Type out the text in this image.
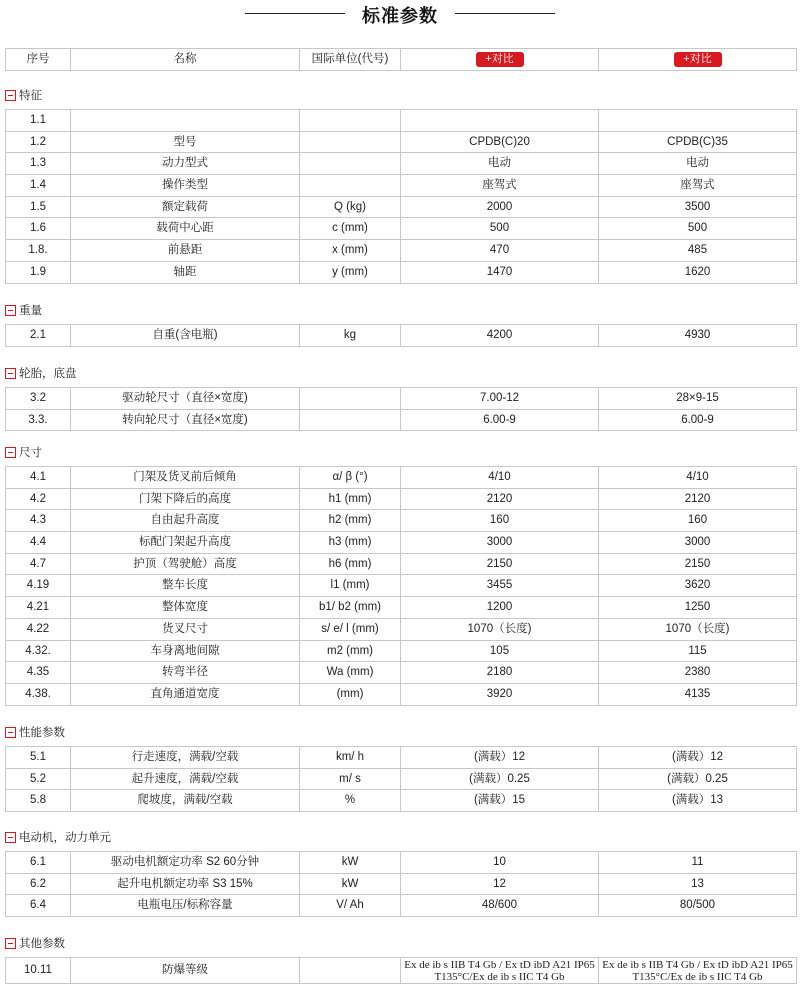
标准参数
序号	名称	国际单位(代号)	+对比	+对比
特征
1.1				
1.2	型号		CPDB(C)20	CPDB(C)35
1.3	动力型式		电动	电动
1.4	操作类型		座驾式	座驾式
1.5	额定载荷	Q (kg)	2000	3500
1.6	载荷中心距	c (mm)	500	500
1.8.	前悬距	x (mm)	470	485
1.9	轴距	y (mm)	1470	1620
重量
2.1	自重(含电瓶)	kg	4200	4930
轮胎，底盘
3.2	驱动轮尺寸（直径×宽度)		7.00-12	28×9-15
3.3.	转向轮尺寸（直径×宽度)		6.00-9	6.00-9
尺寸
4.1	门架及货叉前后倾角	α/ β (°)	4/10	4/10
4.2	门架下降后的高度	h1 (mm)	2120	2120
4.3	自由起升高度	h2 (mm)	160	160
4.4	标配门架起升高度	h3 (mm)	3000	3000
4.7	护顶（驾驶舱）高度	h6 (mm)	2150	2150
4.19	整车长度	l1 (mm)	3455	3620
4.21	整体宽度	b1/ b2 (mm)	1200	1250
4.22	货叉尺寸	s/ e/ l (mm)	1070（长度)	1070（长度)
4.32.	车身离地间隙	m2 (mm)	105	115
4.35	转弯半径	Wa (mm)	2180	2380
4.38.	直角通道宽度	(mm)	3920	4135
性能参数
5.1	行走速度，满载/空载	km/ h	(满载）12	(满载）12
5.2	起升速度，满载/空载	m/ s	(满载）0.25	(满载）0.25
5.8	爬坡度，满载/空载	%	(满载）15	(满载）13
电动机，动力单元
6.1	驱动电机额定功率 S2 60分钟	kW	10	11
6.2	起升电机额定功率 S3 15%	kW	12	13
6.4	电瓶电压/标称容量	V/ Ah	48/600	80/500
其他参数
10.11	防爆等级		Ex de ib s IIB T4 Gb / Ex tD ibD A21 IP65 T135°C/Ex de ib s IIC T4 Gb	Ex de ib s IIB T4 Gb / Ex tD ibD A21 IP65 T135°C/Ex de ib s IIC T4 Gb
